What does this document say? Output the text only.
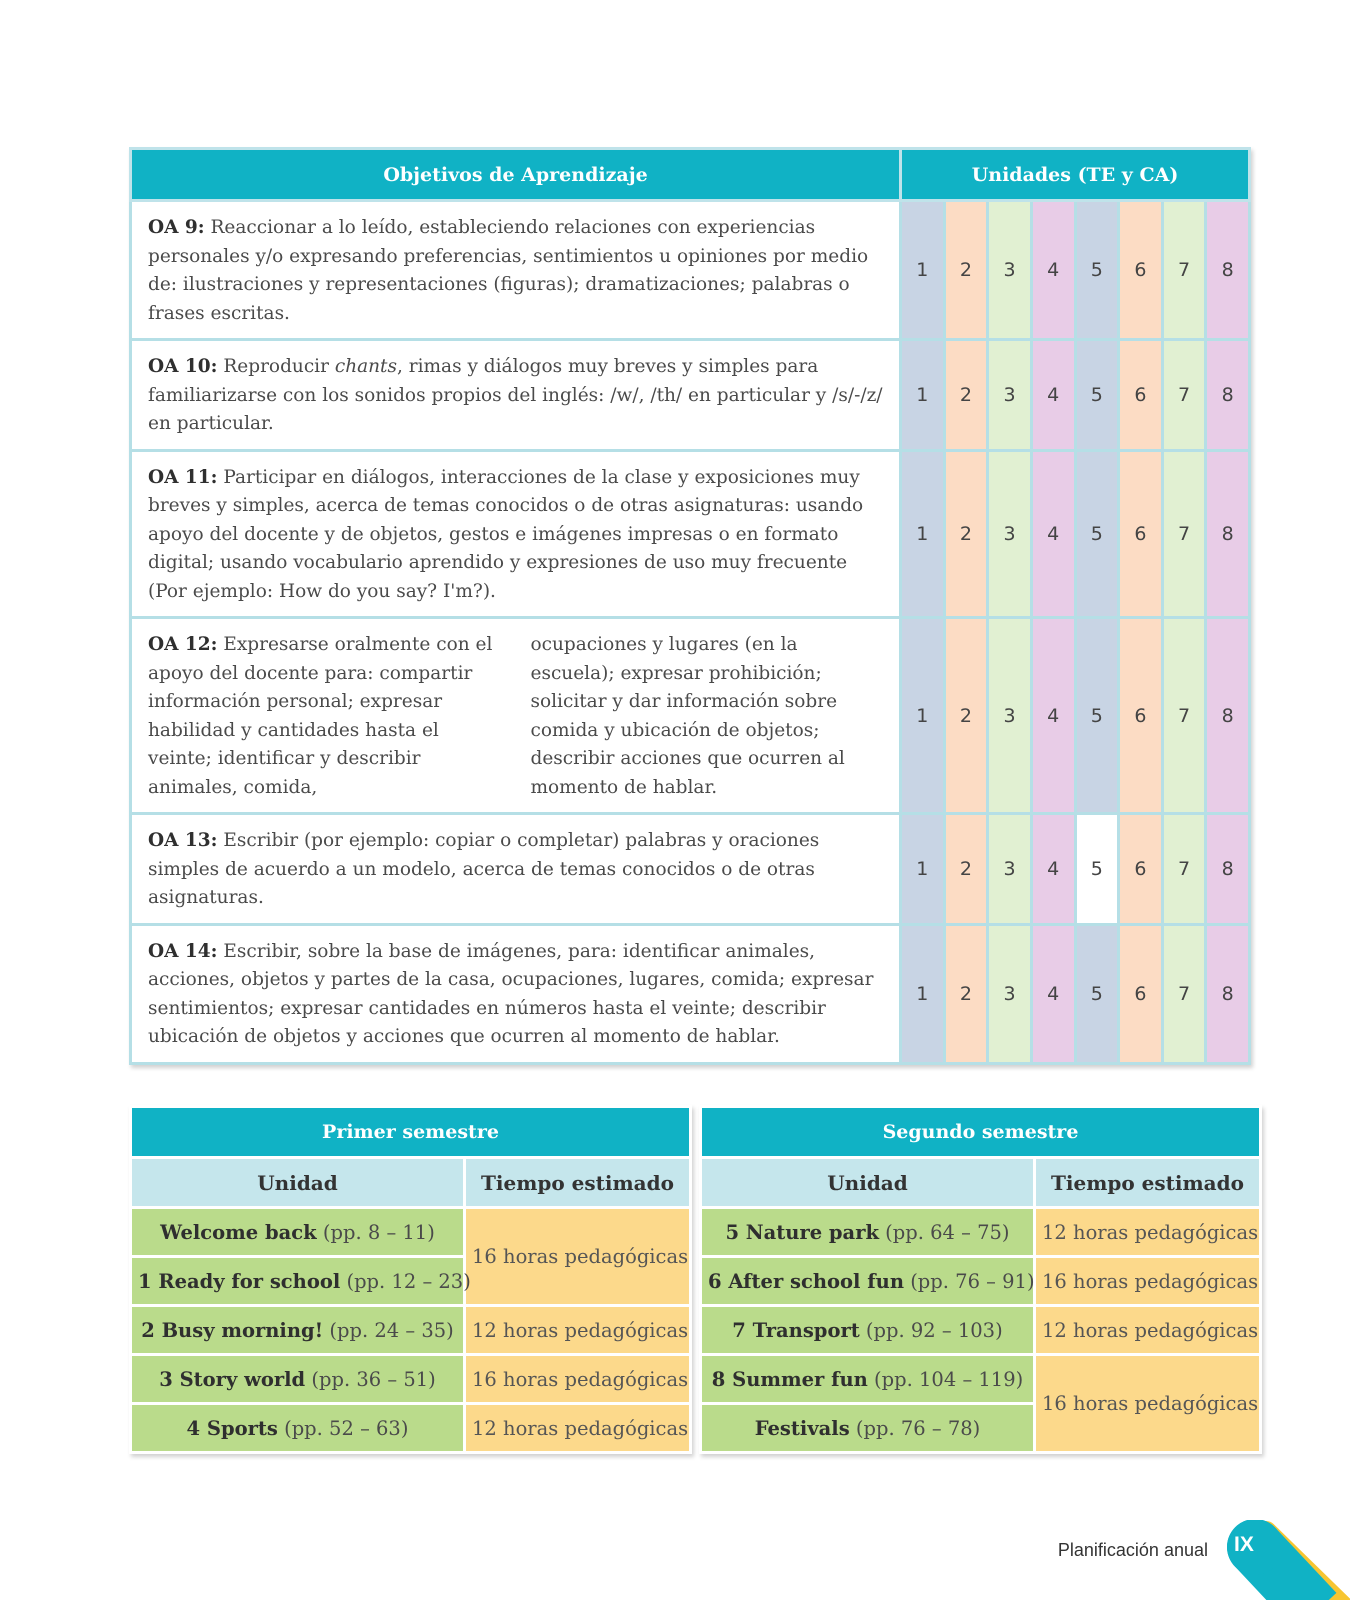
Objetivos de Aprendizaje	Unidades (TE y CA)							
OA 9: Reaccionar a lo leído, estableciendo relaciones con experiencias personales y/o expresando preferencias, sentimientos u opiniones por medio de: ilustraciones y representaciones (figuras); dramatizaciones; palabras o frases escritas.	1	2	3	4	5	6	7	8
OA 10: Reproducir chants, rimas y diálogos muy breves y simples para familiarizarse con los sonidos propios del inglés: /w/, /th/ en particular y /s/-/z/ en particular.	1	2	3	4	5	6	7	8
OA 11: Participar en diálogos, interacciones de la clase y exposiciones muy breves y simples, acerca de temas conocidos o de otras asignaturas: usando apoyo del docente y de objetos, gestos e imágenes impresas o en formato digital; usando vocabulario aprendido y expresiones de uso muy frecuente (Por ejemplo: How do you say? I'm?).	1	2	3	4	5	6	7	8

OA 12: Expresarse oralmente con el apoyo del docente para: compartir información personal; expresar habilidad y cantidades hasta el veinte; identificar y describir animales, comida,
ocupaciones y lugares (en la escuela); expresar prohibición; solicitar y dar información sobre comida y ubicación de objetos; describir acciones que ocurren al momento de hablar.	1	2	3	4	5	6	7	8
OA 13: Escribir (por ejemplo: copiar o completar) palabras y oraciones simples de acuerdo a un modelo, acerca de temas conocidos o de otras asignaturas.	1	2	3	4	5	6	7	8
OA 14: Escribir, sobre la base de imágenes, para: identificar animales, acciones, objetos y partes de la casa, ocupaciones, lugares, comida; expresar sentimientos; expresar cantidades en números hasta el veinte; describir ubicación de objetos y acciones que ocurren al momento de hablar.	1	2	3	4	5	6	7	8
Primer semestre	
Unidad	Tiempo estimado
Welcome back (pp. 8 – 11)	16 horas pedagógicas
1 Ready for school (pp. 12 – 23)	
2 Busy morning! (pp. 24 – 35)	12 horas pedagógicas
3 Story world (pp. 36 – 51)	16 horas pedagógicas
4 Sports (pp. 52 – 63)	12 horas pedagógicas
Segundo semestre	
Unidad	Tiempo estimado
5 Nature park (pp. 64 – 75)	12 horas pedagógicas
6 After school fun (pp. 76 – 91)	16 horas pedagógicas
7 Transport (pp. 92 – 103)	12 horas pedagógicas
8 Summer fun (pp. 104 – 119)	16 horas pedagógicas
Festivals (pp. 76 – 78)	
Planificación anual IX
